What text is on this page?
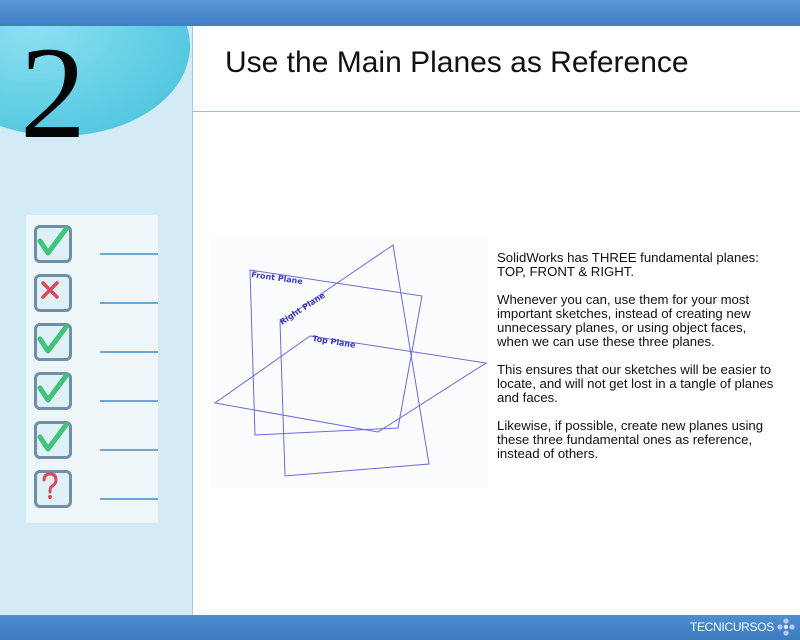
2	Use the Main Planes as Reference
Front Plane
Right Plane
Top Plane

SolidWorks has THREE fundamental planes: TOP, FRONT & RIGHT.

Whenever you can, use them for your most important sketches, instead of creating new unnecessary planes, or using object faces, when we can use these three planes.

This ensures that our sketches will be easier to locate, and will not get lost in a tangle of planes and faces.

Likewise, if possible, create new planes using these three fundamental ones as reference, instead of others.

TECNICURSOS
